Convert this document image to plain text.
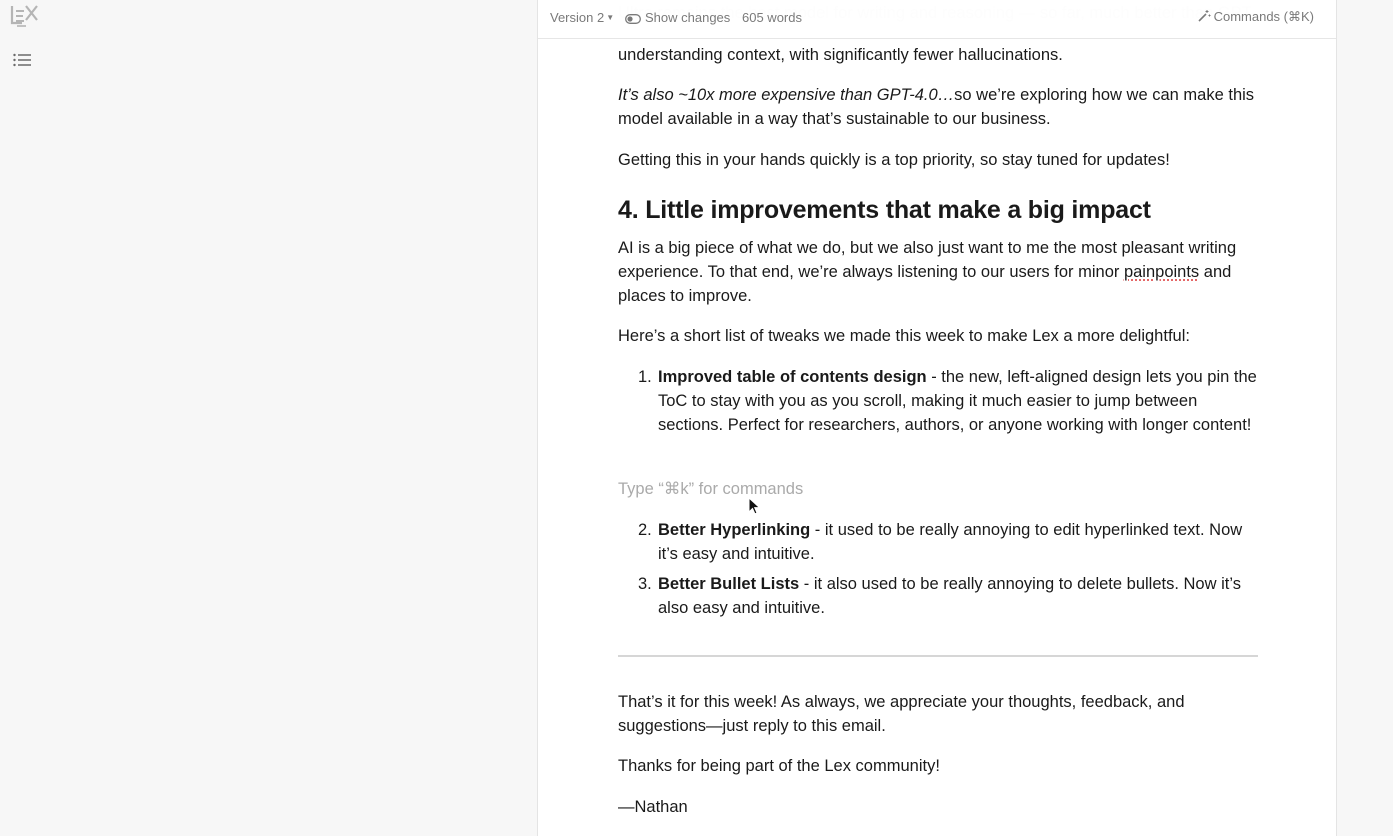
Version 2 ▼	Show changes 605 words	Commands (⌘K)
understanding context, with significantly fewer hallucinations.
It’s also ~10x more expensive than GPT-4.0…so we’re exploring how we can make this model available in a way that’s sustainable to our business.
Getting this in your hands quickly is a top priority, so stay tuned for updates!
4. Little improvements that make a big impact
AI is a big piece of what we do, but we also just want to me the most pleasant writing experience. To that end, we’re always listening to our users for minor painpoints and places to improve.
Here’s a short list of tweaks we made this week to make Lex a more delightful:
1. Improved table of contents design - the new, left-aligned design lets you pin the ToC to stay with you as you scroll, making it much easier to jump between sections. Perfect for researchers, authors, or anyone working with longer content!
Type “⌘k” for commands
2. Better Hyperlinking - it used to be really annoying to edit hyperlinked text. Now it’s easy and intuitive.
3. Better Bullet Lists - it also used to be really annoying to delete bullets. Now it’s also easy and intuitive.
That’s it for this week! As always, we appreciate your thoughts, feedback, and suggestions—just reply to this email.
Thanks for being part of the Lex community!
—Nathan
